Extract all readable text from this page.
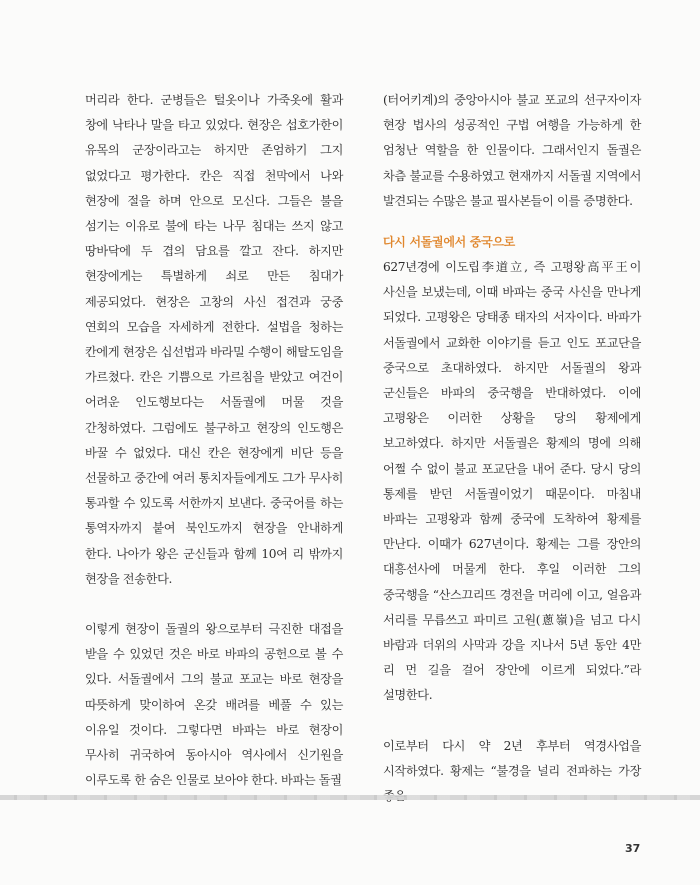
머리라 한다. 군병들은 털옷이나 가죽옷에 활과 창에 낙타나 말을 타고 있었다. 현장은 섭호가한이 유목의 군장이라고는 하지만 존엄하기 그지 없었다고 평가한다. 칸은 직접 천막에서 나와 현장에 절을 하며 안으로 모신다. 그들은 불을 섬기는 이유로 불에 타는 나무 침대는 쓰지 않고 땅바닥에 두 겹의 담요를 깔고 잔다. 하지만 현장에게는 특별하게 쇠로 만든 침대가 제공되었다. 현장은 고창의 사신 접견과 궁중 연회의 모습을 자세하게 전한다. 설법을 청하는 칸에게 현장은 십선법과 바라밀 수행이 해탈도임을 가르쳤다. 칸은 기쁨으로 가르침을 받았고 여건이 어려운 인도행보다는 서돌궐에 머물 것을 간청하였다. 그럼에도 불구하고 현장의 인도행은 바꿀 수 없었다. 대신 칸은 현장에게 비단 등을 선물하고 중간에 여러 통치자들에게도 그가 무사히 통과할 수 있도록 서한까지 보낸다. 중국어를 하는 통역자까지 붙여 북인도까지 현장을 안내하게 한다. 나아가 왕은 군신들과 함께 10여 리 밖까지 현장을 전송한다.

이렇게 현장이 돌궐의 왕으로부터 극진한 대접을 받을 수 있었던 것은 바로 바파의 공헌으로 볼 수 있다. 서돌궐에서 그의 불교 포교는 바로 현장을 따뜻하게 맞이하여 온갖 배려를 베풀 수 있는 이유일 것이다. 그렇다면 바파는 바로 현장이 무사히 귀국하여 동아시아 역사에서 신기원을 이루도록 한 숨은 인물로 보아야 한다. 바파는 돌궐

(터어키계)의 중앙아시아 불교 포교의 선구자이자 현장 법사의 성공적인 구법 여행을 가능하게 한 엄청난 역할을 한 인물이다. 그래서인지 돌궐은 차츰 불교를 수용하였고 현재까지 서돌궐 지역에서 발견되는 수많은 불교 필사본들이 이를 증명한다.

다시 서돌궐에서 중국으로

627년경에 이도립李道立, 즉 고평왕高平王이 사신을 보냈는데, 이때 바파는 중국 사신을 만나게 되었다. 고평왕은 당태종 태자의 서자이다. 바파가 서돌궐에서 교화한 이야기를 듣고 인도 포교단을 중국으로 초대하였다. 하지만 서돌궐의 왕과 군신들은 바파의 중국행을 반대하였다. 이에 고평왕은 이러한 상황을 당의 황제에게 보고하였다. 하지만 서돌궐은 황제의 명에 의해 어쩔 수 없이 불교 포교단을 내어 준다. 당시 당의 통제를 받던 서돌궐이었기 때문이다. 마침내 바파는 고평왕과 함께 중국에 도착하여 황제를 만난다. 이때가 627년이다. 황제는 그를 장안의 대흥선사에 머물게 한다. 후일 이러한 그의 중국행을 “산스끄리뜨 경전을 머리에 이고, 얼음과 서리를 무릅쓰고 파미르 고원(蔥嶺)을 넘고 다시 바람과 더위의 사막과 강을 지나서 5년 동안 4만 리 먼 길을 걸어 장안에 이르게 되었다.”라 설명한다.

이로부터 다시 약 2년 후부터 역경사업을 시작하였다. 황제는 “불경을 널리 전파하는 가장

37
